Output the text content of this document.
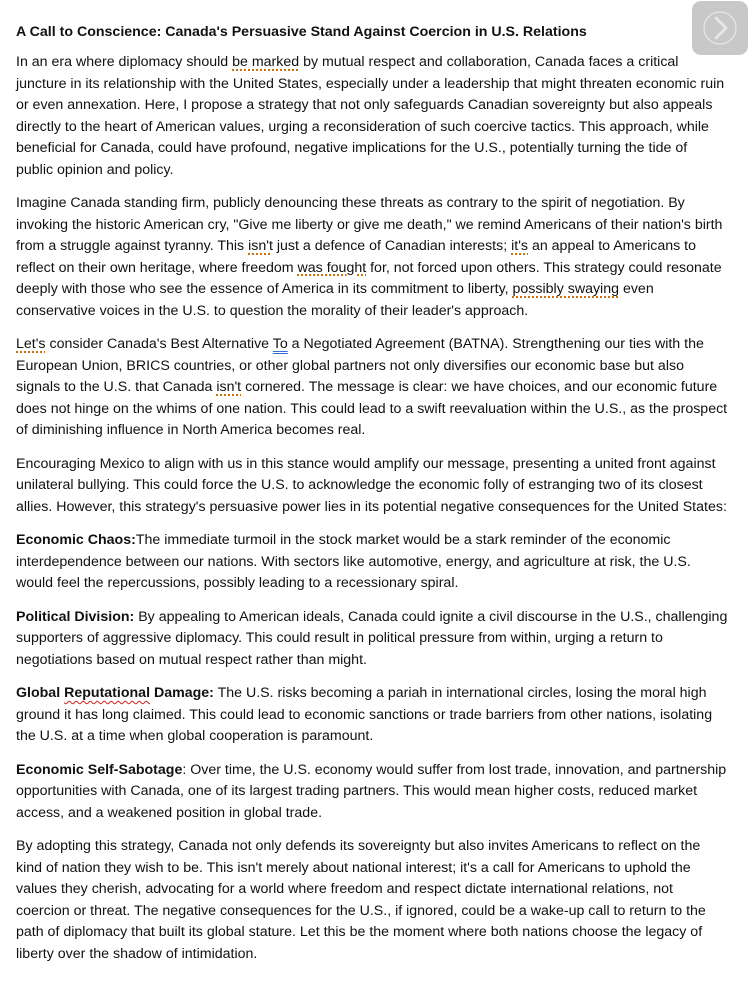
A Call to Conscience: Canada's Persuasive Stand Against Coercion in U.S. Relations

In an era where diplomacy should be marked by mutual respect and collaboration, Canada faces a critical juncture in its relationship with the United States, especially under a leadership that might threaten economic ruin or even annexation. Here, I propose a strategy that not only safeguards Canadian sovereignty but also appeals directly to the heart of American values, urging a reconsideration of such coercive tactics. This approach, while beneficial for Canada, could have profound, negative implications for the U.S., potentially turning the tide of public opinion and policy.

Imagine Canada standing firm, publicly denouncing these threats as contrary to the spirit of negotiation. By invoking the historic American cry, "Give me liberty or give me death," we remind Americans of their nation's birth from a struggle against tyranny. This isn't just a defence of Canadian interests; it's an appeal to Americans to reflect on their own heritage, where freedom was fought for, not forced upon others. This strategy could resonate deeply with those who see the essence of America in its commitment to liberty, possibly swaying even conservative voices in the U.S. to question the morality of their leader's approach.

Let's consider Canada's Best Alternative To a Negotiated Agreement (BATNA). Strengthening our ties with the European Union, BRICS countries, or other global partners not only diversifies our economic base but also signals to the U.S. that Canada isn't cornered. The message is clear: we have choices, and our economic future does not hinge on the whims of one nation. This could lead to a swift reevaluation within the U.S., as the prospect of diminishing influence in North America becomes real.

Encouraging Mexico to align with us in this stance would amplify our message, presenting a united front against unilateral bullying. This could force the U.S. to acknowledge the economic folly of estranging two of its closest allies. However, this strategy's persuasive power lies in its potential negative consequences for the United States:

Economic Chaos:The immediate turmoil in the stock market would be a stark reminder of the economic interdependence between our nations. With sectors like automotive, energy, and agriculture at risk, the U.S. would feel the repercussions, possibly leading to a recessionary spiral.

Political Division: By appealing to American ideals, Canada could ignite a civil discourse in the U.S., challenging supporters of aggressive diplomacy. This could result in political pressure from within, urging a return to negotiations based on mutual respect rather than might.

Global Reputational Damage: The U.S. risks becoming a pariah in international circles, losing the moral high ground it has long claimed. This could lead to economic sanctions or trade barriers from other nations, isolating the U.S. at a time when global cooperation is paramount.

Economic Self-Sabotage: Over time, the U.S. economy would suffer from lost trade, innovation, and partnership opportunities with Canada, one of its largest trading partners. This would mean higher costs, reduced market access, and a weakened position in global trade.

By adopting this strategy, Canada not only defends its sovereignty but also invites Americans to reflect on the kind of nation they wish to be. This isn't merely about national interest; it's a call for Americans to uphold the values they cherish, advocating for a world where freedom and respect dictate international relations, not coercion or threat. The negative consequences for the U.S., if ignored, could be a wake-up call to return to the path of diplomacy that built its global stature. Let this be the moment where both nations choose the legacy of liberty over the shadow of intimidation.
